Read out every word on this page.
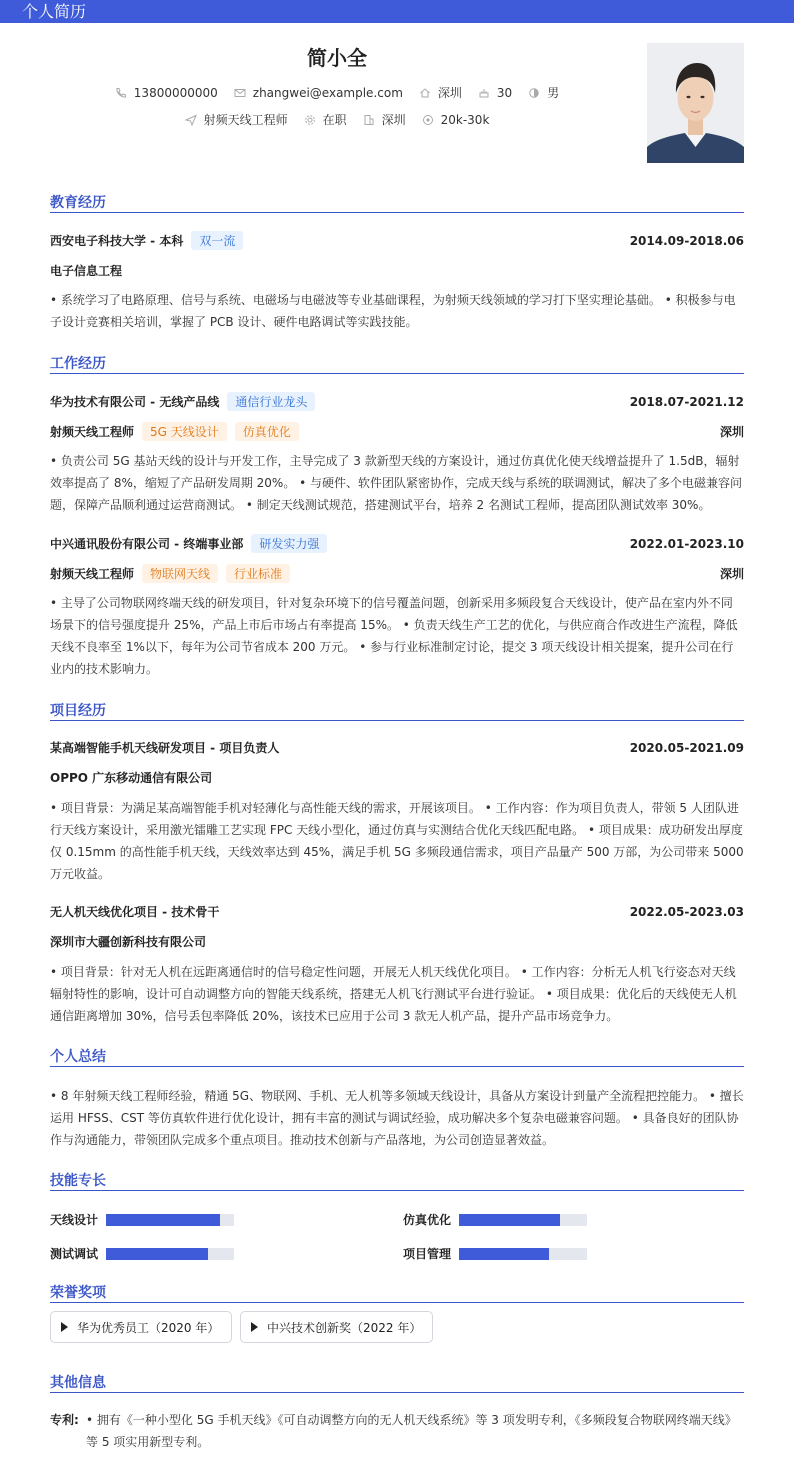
个人简历
简小全
13800000000	zhangwei@example.com	深圳	30	男
射频天线工程师	在职	深圳	20k-30k
教育经历
西安电子科技大学 - 本科	双一流	2014.09-2018.06
电子信息工程
• 系统学习了电路原理、信号与系统、电磁场与电磁波等专业基础课程，为射频天线领域的学习打下坚实理论基础。 • 积极参与电子设计竞赛相关培训，掌握了 PCB 设计、硬件电路调试等实践技能。
工作经历
华为技术有限公司 - 无线产品线	通信行业龙头	2018.07-2021.12
射频天线工程师	5G 天线设计	仿真优化	深圳
• 负责公司 5G 基站天线的设计与开发工作，主导完成了 3 款新型天线的方案设计，通过仿真优化使天线增益提升了 1.5dB，辐射效率提高了 8%，缩短了产品研发周期 20%。 • 与硬件、软件团队紧密协作，完成天线与系统的联调测试，解决了多个电磁兼容问题，保障产品顺利通过运营商测试。 • 制定天线测试规范，搭建测试平台，培养 2 名测试工程师，提高团队测试效率 30%。
中兴通讯股份有限公司 - 终端事业部	研发实力强	2022.01-2023.10
射频天线工程师	物联网天线	行业标准	深圳
• 主导了公司物联网终端天线的研发项目，针对复杂环境下的信号覆盖问题，创新采用多频段复合天线设计，使产品在室内外不同场景下的信号强度提升 25%，产品上市后市场占有率提高 15%。 • 负责天线生产工艺的优化，与供应商合作改进生产流程，降低天线不良率至 1%以下，每年为公司节省成本 200 万元。 • 参与行业标准制定讨论，提交 3 项天线设计相关提案，提升公司在行业内的技术影响力。
项目经历
某高端智能手机天线研发项目 - 项目负责人	2020.05-2021.09
OPPO 广东移动通信有限公司
• 项目背景：为满足某高端智能手机对轻薄化与高性能天线的需求，开展该项目。 • 工作内容：作为项目负责人，带领 5 人团队进行天线方案设计，采用激光镭雕工艺实现 FPC 天线小型化，通过仿真与实测结合优化天线匹配电路。 • 项目成果：成功研发出厚度仅 0.15mm 的高性能手机天线，天线效率达到 45%，满足手机 5G 多频段通信需求，项目产品量产 500 万部，为公司带来 5000 万元收益。
无人机天线优化项目 - 技术骨干	2022.05-2023.03
深圳市大疆创新科技有限公司
• 项目背景：针对无人机在远距离通信时的信号稳定性问题，开展无人机天线优化项目。 • 工作内容：分析无人机飞行姿态对天线辐射特性的影响，设计可自动调整方向的智能天线系统，搭建无人机飞行测试平台进行验证。 • 项目成果：优化后的天线使无人机通信距离增加 30%，信号丢包率降低 20%，该技术已应用于公司 3 款无人机产品，提升产品市场竞争力。
个人总结
• 8 年射频天线工程师经验，精通 5G、物联网、手机、无人机等多领域天线设计，具备从方案设计到量产全流程把控能力。 • 擅长运用 HFSS、CST 等仿真软件进行优化设计，拥有丰富的测试与调试经验，成功解决多个复杂电磁兼容问题。 • 具备良好的团队协作与沟通能力，带领团队完成多个重点项目。推动技术创新与产品落地，为公司创造显著效益。
技能专长
天线设计	仿真优化
测试调试	项目管理
荣誉奖项
华为优秀员工（2020 年）	中兴技术创新奖（2022 年）
其他信息
专利: • 拥有《一种小型化 5G 手机天线》《可自动调整方向的无人机天线系统》等 3 项发明专利，《多频段复合物联网终端天线》等 5 项实用新型专利。
